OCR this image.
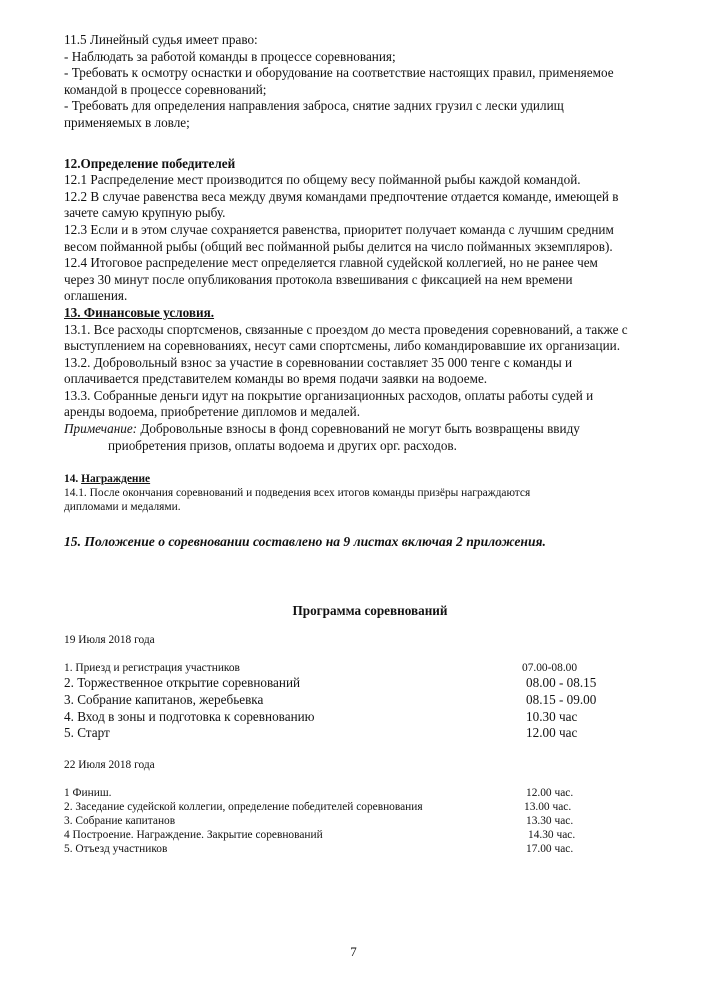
11.5 Линейный судья имеет право:
- Наблюдать за работой команды в процессе соревнования;
- Требовать к осмотру оснастки и оборудование на соответствие настоящих правил, применяемое
командой в процессе соревнований;
- Требовать для определения направления заброса, снятие задних грузил с лески удилищ
применяемых в ловле;
12.Определение победителей
12.1 Распределение мест производится по общему весу пойманной рыбы каждой командой.
12.2 В случае равенства веса между двумя командами предпочтение отдается команде, имеющей в
зачете самую крупную рыбу.
12.3 Если и в этом случае сохраняется равенства, приоритет получает команда с лучшим средним
весом пойманной рыбы (общий вес пойманной рыбы делится на число пойманных экземпляров).
12.4 Итоговое распределение мест определяется главной судейской коллегией, но не ранее чем
через 30 минут после опубликования протокола взвешивания с фиксацией на нем времени
оглашения.
13. Финансовые условия.
13.1. Все расходы спортсменов, связанные с проездом до места проведения соревнований, а также с
выступлением на соревнованиях, несут сами спортсмены, либо командировавшие их организации.
13.2. Добровольный взнос за участие в соревновании составляет 35 000 тенге с команды и
оплачивается представителем команды во время подачи заявки на водоеме.
13.3. Собранные деньги идут на покрытие организационных расходов, оплаты работы судей и
аренды водоема, приобретение дипломов и медалей.
Примечание: Добровольные взносы в фонд соревнований не могут быть возвращены ввиду
приобретения призов, оплаты водоема и других орг. расходов.
14. Награждение
14.1. После окончания соревнований и подведения всех итогов команды призёры награждаются
дипломами и медалями.
15. Положение о соревновании составлено на 9 листах включая 2 приложения.
Программа соревнований
19 Июля 2018 года
1. Приезд и регистрация участников	07.00-08.00
2. Торжественное открытие соревнований	08.00 - 08.15
3. Собрание капитанов, жеребьевка	08.15 - 09.00
4. Вход в зоны и подготовка к соревнованию	10.30 час
5. Старт	12.00 час
22 Июля 2018 года
1 Финиш.	12.00 час.
2. Заседание судейской коллегии, определение победителей соревнования	13.00 час.
3. Собрание капитанов	13.30 час.
4 Построение. Награждение. Закрытие соревнований	14.30 час.
5. Отъезд участников	17.00 час.
7
